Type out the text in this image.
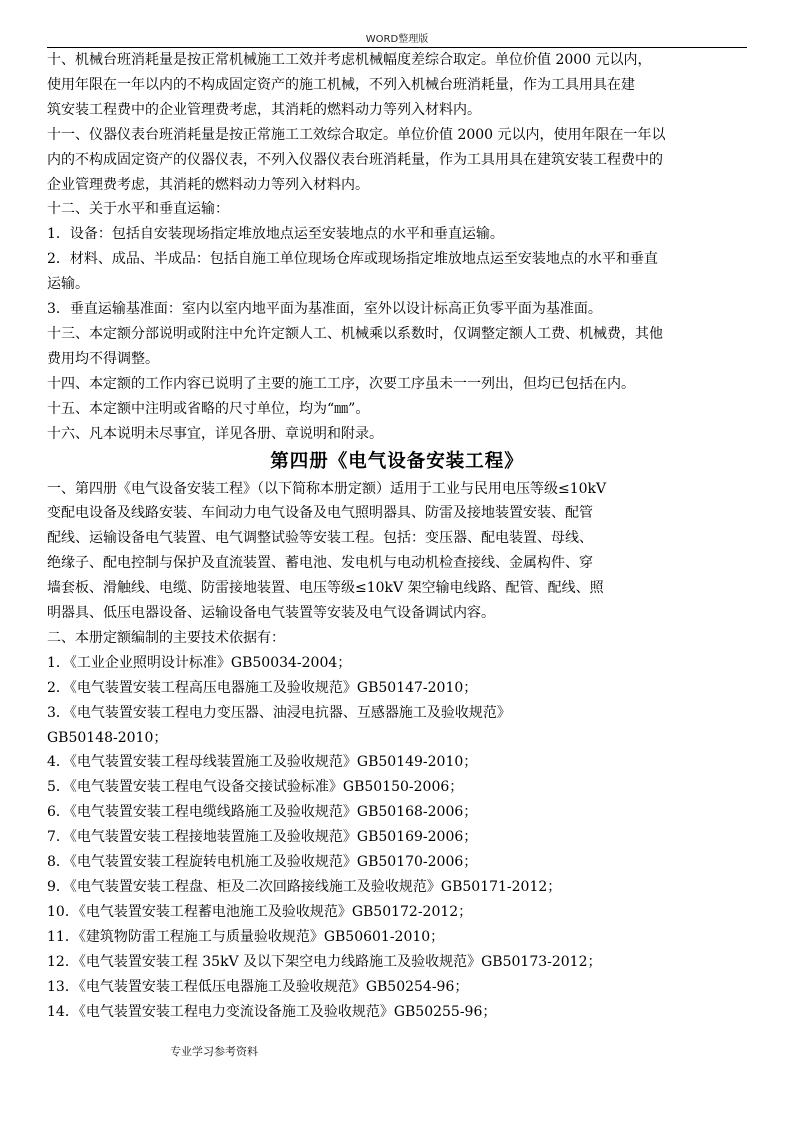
WORD整理版

十、机械台班消耗量是按正常机械施工工效并考虑机械幅度差综合取定。单位价值 2000 元以内，
使用年限在一年以内的不构成固定资产的施工机械，不列入机械台班消耗量，作为工具用具在建
筑安装工程费中的企业管理费考虑，其消耗的燃料动力等列入材料内。

十一、仪器仪表台班消耗量是按正常施工工效综合取定。单位价值 2000 元以内，使用年限在一年以
内的不构成固定资产的仪器仪表，不列入仪器仪表台班消耗量，作为工具用具在建筑安装工程费中的
企业管理费考虑，其消耗的燃料动力等列入材料内。

十二、关于水平和垂直运输：

1．设备：包括自安装现场指定堆放地点运至安装地点的水平和垂直运输。

2．材料、成品、半成品：包括自施工单位现场仓库或现场指定堆放地点运至安装地点的水平和垂直
运输。

3．垂直运输基准面：室内以室内地平面为基准面，室外以设计标高正负零平面为基准面。

十三、本定额分部说明或附注中允许定额人工、机械乘以系数时，仅调整定额人工费、机械费，其他
费用均不得调整。

十四、本定额的工作内容已说明了主要的施工工序，次要工序虽未一一列出，但均已包括在内。

十五、本定额中注明或省略的尺寸单位，均为“㎜”。

十六、凡本说明未尽事宜，详见各册、章说明和附录。

第四册《电气设备安装工程》

一、第四册《电气设备安装工程》（以下简称本册定额）适用于工业与民用电压等级≤10kV
变配电设备及线路安装、车间动力电气设备及电气照明器具、防雷及接地装置安装、配管
配线、运输设备电气装置、电气调整试验等安装工程。包括：变压器、配电装置、母线、
绝缘子、配电控制与保护及直流装置、蓄电池、发电机与电动机检查接线、金属构件、穿
墙套板、滑触线、电缆、防雷接地装置、电压等级≤10kV 架空输电线路、配管、配线、照
明器具、低压电器设备、运输设备电气装置等安装及电气设备调试内容。

二、本册定额编制的主要技术依据有：

1．《工业企业照明设计标准》GB50034-2004；

2．《电气装置安装工程高压电器施工及验收规范》GB50147-2010；

3．《电气装置安装工程电力变压器、油浸电抗器、互感器施工及验收规范》
GB50148-2010；

4．《电气装置安装工程母线装置施工及验收规范》GB50149-2010；

5．《电气装置安装工程电气设备交接试验标准》GB50150-2006；

6．《电气装置安装工程电缆线路施工及验收规范》GB50168-2006；

7．《电气装置安装工程接地装置施工及验收规范》GB50169-2006；

8．《电气装置安装工程旋转电机施工及验收规范》GB50170-2006；

9．《电气装置安装工程盘、柜及二次回路接线施工及验收规范》GB50171-2012；

10．《电气装置安装工程蓄电池施工及验收规范》GB50172-2012；

11．《建筑物防雷工程施工与质量验收规范》GB50601-2010；

12．《电气装置安装工程 35kV 及以下架空电力线路施工及验收规范》GB50173-2012；

13．《电气装置安装工程低压电器施工及验收规范》GB50254-96；

14．《电气装置安装工程电力变流设备施工及验收规范》GB50255-96；

专业学习参考资料
